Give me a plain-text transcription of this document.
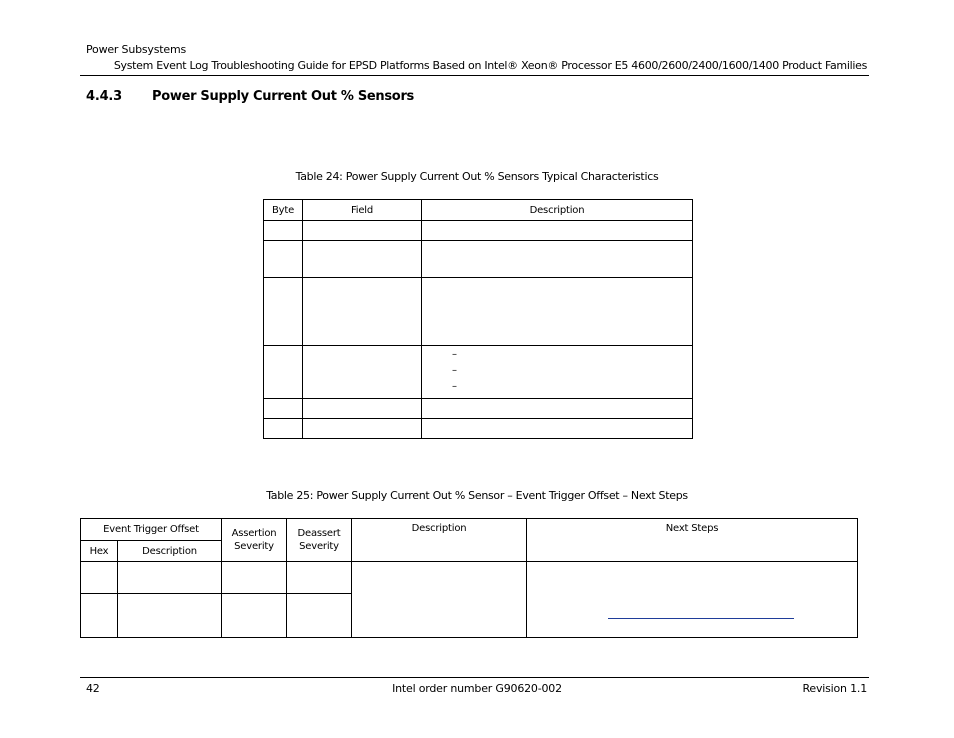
Power Subsystems
System Event Log Troubleshooting Guide for EPSD Platforms Based on Intel® Xeon® Processor E5 4600/2600/2400/1600/1400 Product Families
4.4.3 Power Supply Current Out % Sensors
Table 24: Power Supply Current Out % Sensors Typical Characteristics
Byte	Field	Description

		–
–
–

Table 25: Power Supply Current Out % Sensor – Event Trigger Offset – Next Steps
Event Trigger Offset		Assertion Severity	Deassert Severity	Description	Next Steps
Hex	Description				

42	Intel order number G90620-002	Revision 1.1
